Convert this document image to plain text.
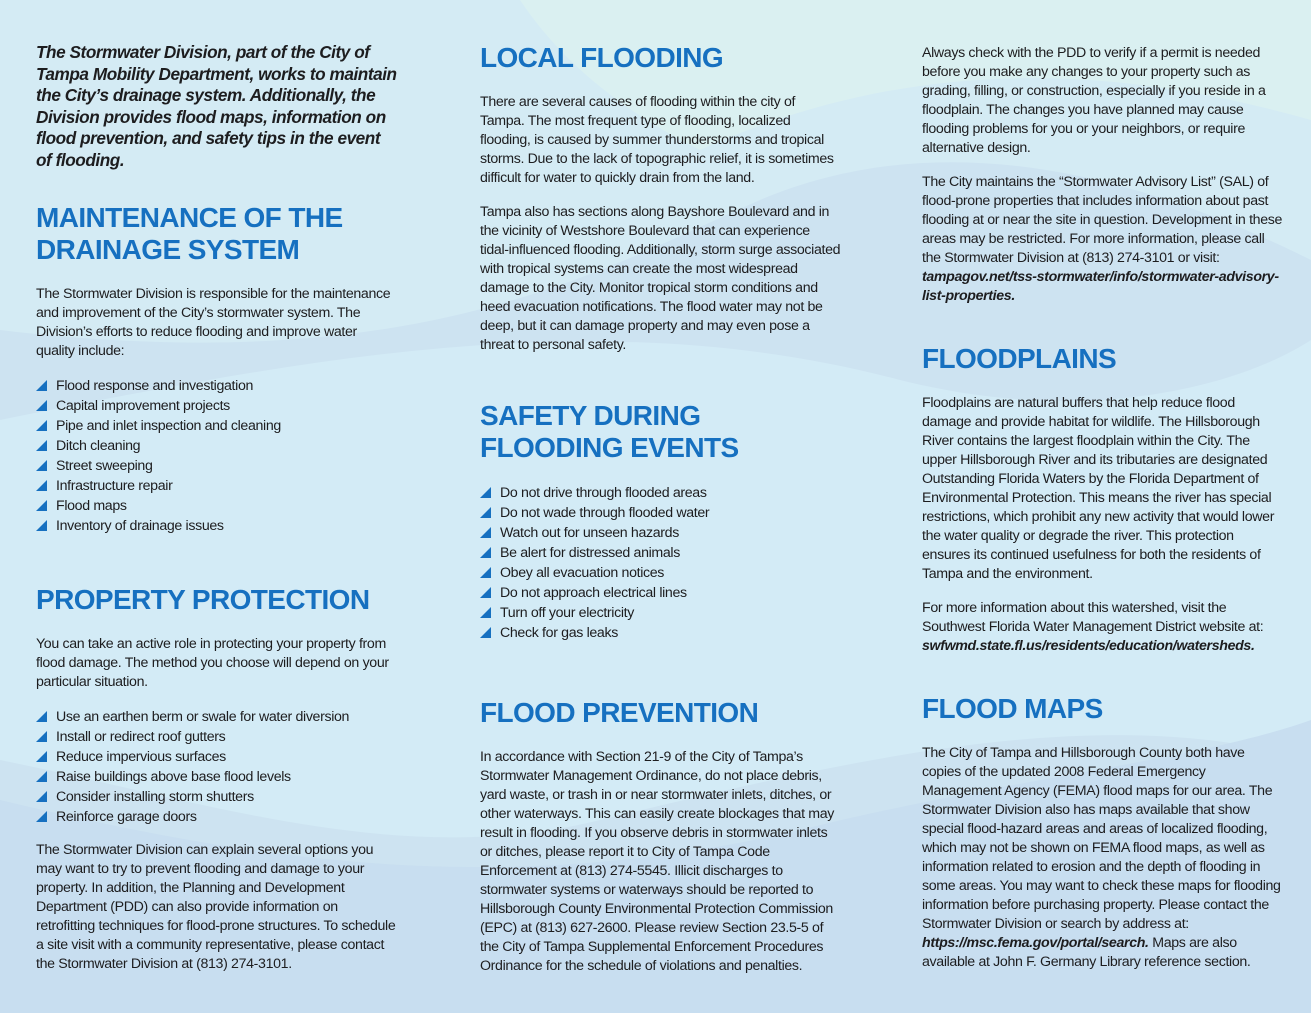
The Stormwater Division, part of the City of Tampa Mobility Department, works to maintain the City’s drainage system. Additionally, the Division provides flood maps, information on flood prevention, and safety tips in the event of flooding.

MAINTENANCE OF THE DRAINAGE SYSTEM

The Stormwater Division is responsible for the maintenance and improvement of the City’s stormwater system. The Division’s efforts to reduce flooding and improve water quality include:

Flood response and investigation
Capital improvement projects
Pipe and inlet inspection and cleaning
Ditch cleaning
Street sweeping
Infrastructure repair
Flood maps
Inventory of drainage issues
PROPERTY PROTECTION

You can take an active role in protecting your property from flood damage. The method you choose will depend on your particular situation.

Use an earthen berm or swale for water diversion
Install or redirect roof gutters
Reduce impervious surfaces
Raise buildings above base flood levels
Consider installing storm shutters
Reinforce garage doors

The Stormwater Division can explain several options you may want to try to prevent flooding and damage to your property. In addition, the Planning and Development Department (PDD) can also provide information on retrofitting techniques for flood-prone structures. To schedule a site visit with a community representative, please contact the Stormwater Division at (813) 274-3101.

LOCAL FLOODING

There are several causes of flooding within the city of Tampa. The most frequent type of flooding, localized flooding, is caused by summer thunderstorms and tropical storms. Due to the lack of topographic relief, it is sometimes difficult for water to quickly drain from the land.

Tampa also has sections along Bayshore Boulevard and in the vicinity of Westshore Boulevard that can experience tidal-influenced flooding. Additionally, storm surge associated with tropical systems can create the most widespread damage to the City. Monitor tropical storm conditions and heed evacuation notifications. The flood water may not be deep, but it can damage property and may even pose a threat to personal safety.

SAFETY DURING FLOODING EVENTS
Do not drive through flooded areas
Do not wade through flooded water
Watch out for unseen hazards
Be alert for distressed animals
Obey all evacuation notices
Do not approach electrical lines
Turn off your electricity
Check for gas leaks
FLOOD PREVENTION

In accordance with Section 21-9 of the City of Tampa’s Stormwater Management Ordinance, do not place debris, yard waste, or trash in or near stormwater inlets, ditches, or other waterways. This can easily create blockages that may result in flooding. If you observe debris in stormwater inlets or ditches, please report it to City of Tampa Code Enforcement at (813) 274-5545. Illicit discharges to stormwater systems or waterways should be reported to Hillsborough County Environmental Protection Commission (EPC) at (813) 627-2600. Please review Section 23.5-5 of the City of Tampa Supplemental Enforcement Procedures Ordinance for the schedule of violations and penalties.

Always check with the PDD to verify if a permit is needed before you make any changes to your property such as grading, filling, or construction, especially if you reside in a floodplain. The changes you have planned may cause flooding problems for you or your neighbors, or require alternative design.

The City maintains the “Stormwater Advisory List” (SAL) of flood-prone properties that includes information about past flooding at or near the site in question. Development in these areas may be restricted. For more information, please call the Stormwater Division at (813) 274-3101 or visit: tampagov.net/tss-stormwater/info/stormwater-advisory-list-properties.

FLOODPLAINS

Floodplains are natural buffers that help reduce flood damage and provide habitat for wildlife. The Hillsborough River contains the largest floodplain within the City. The upper Hillsborough River and its tributaries are designated Outstanding Florida Waters by the Florida Department of Environmental Protection. This means the river has special restrictions, which prohibit any new activity that would lower the water quality or degrade the river. This protection ensures its continued usefulness for both the residents of Tampa and the environment.

For more information about this watershed, visit the Southwest Florida Water Management District website at: swfwmd.state.fl.us/residents/education/watersheds.

FLOOD MAPS

The City of Tampa and Hillsborough County both have copies of the updated 2008 Federal Emergency Management Agency (FEMA) flood maps for our area. The Stormwater Division also has maps available that show special flood-hazard areas and areas of localized flooding, which may not be shown on FEMA flood maps, as well as information related to erosion and the depth of flooding in some areas. You may want to check these maps for flooding information before purchasing property. Please contact the Stormwater Division or search by address at: https://msc.fema.gov/portal/search. Maps are also available at John F. Germany Library reference section.
